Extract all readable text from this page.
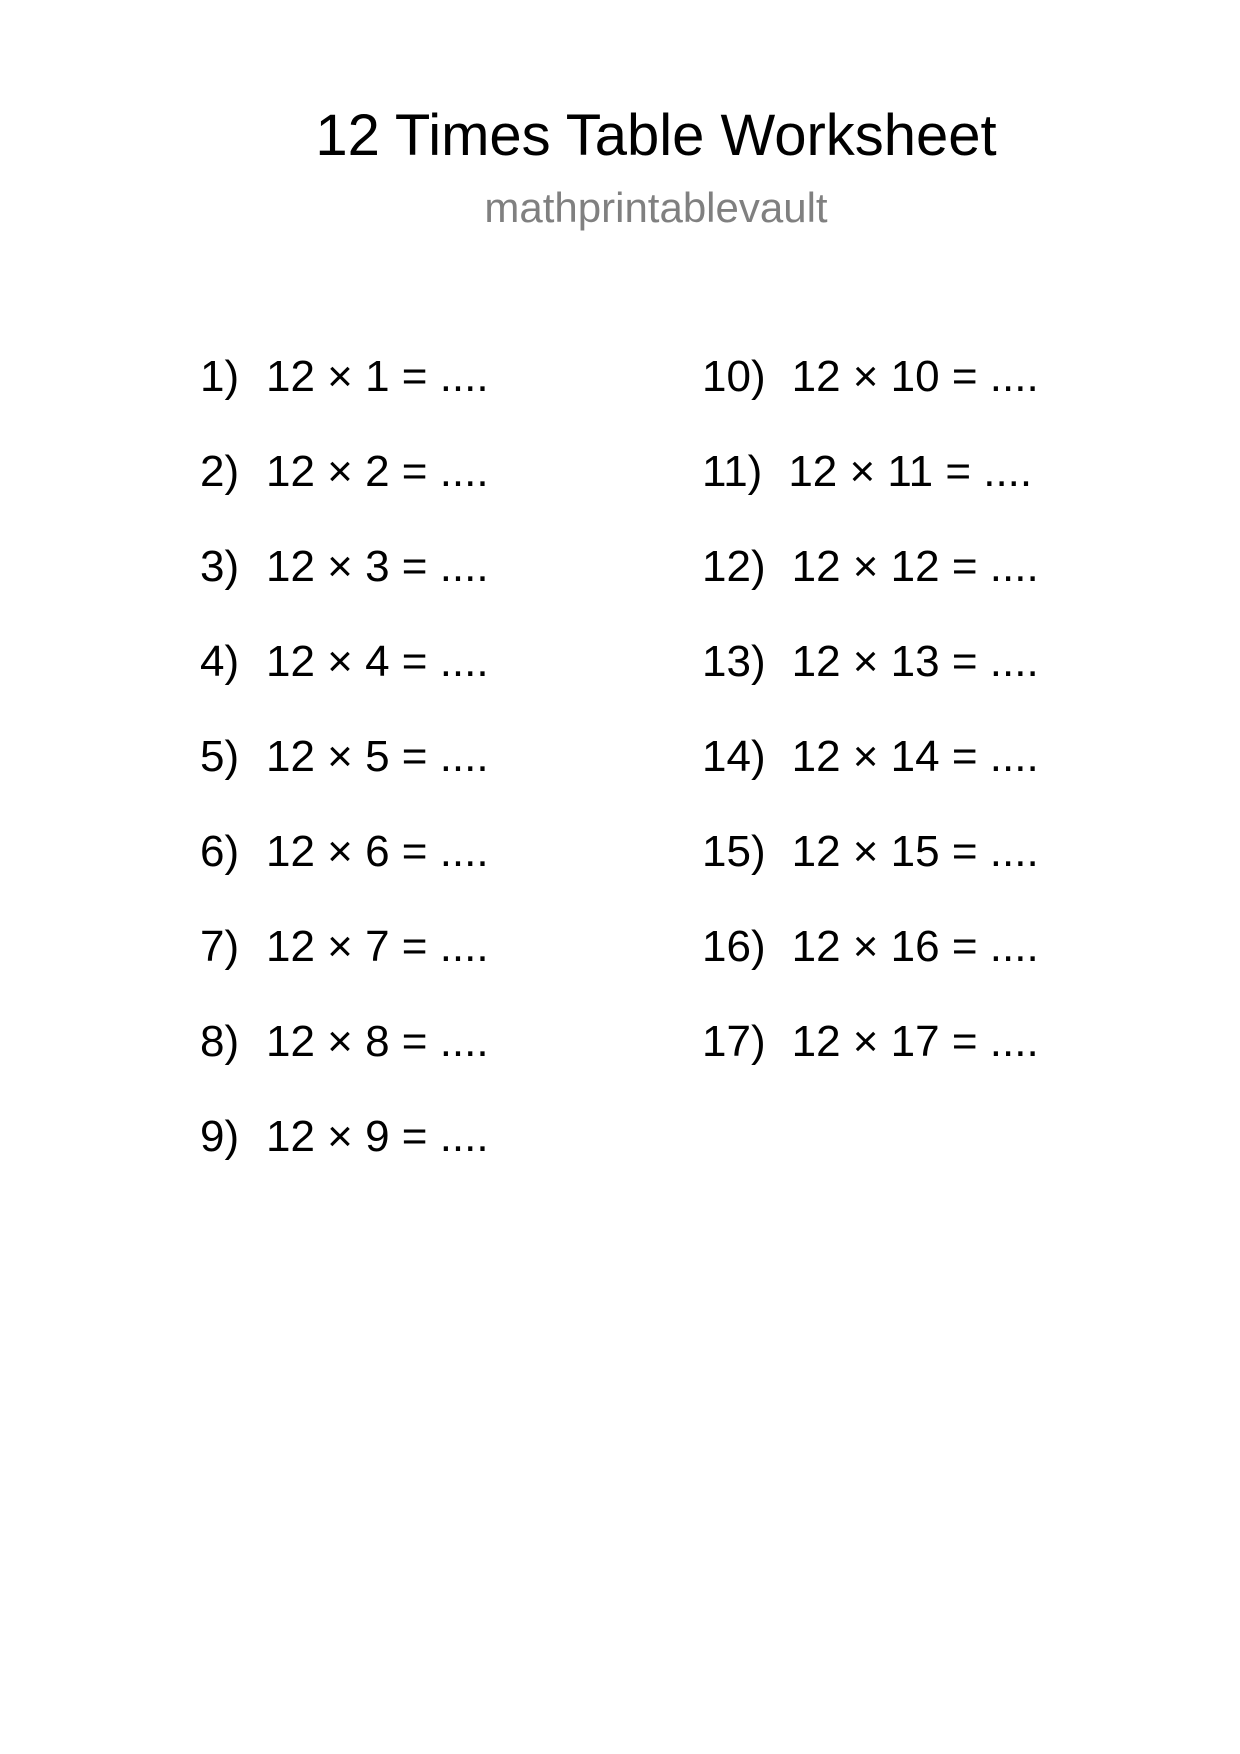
12 Times Table Worksheet
mathprintablevault
1) 12 × 1 = ....
2) 12 × 2 = ....
3) 12 × 3 = ....
4) 12 × 4 = ....
5) 12 × 5 = ....
6) 12 × 6 = ....
7) 12 × 7 = ....
8) 12 × 8 = ....
9) 12 × 9 = ....
10) 12 × 10 = ....
11) 12 × 11 = ....
12) 12 × 12 = ....
13) 12 × 13 = ....
14) 12 × 14 = ....
15) 12 × 15 = ....
16) 12 × 16 = ....
17) 12 × 17 = ....
